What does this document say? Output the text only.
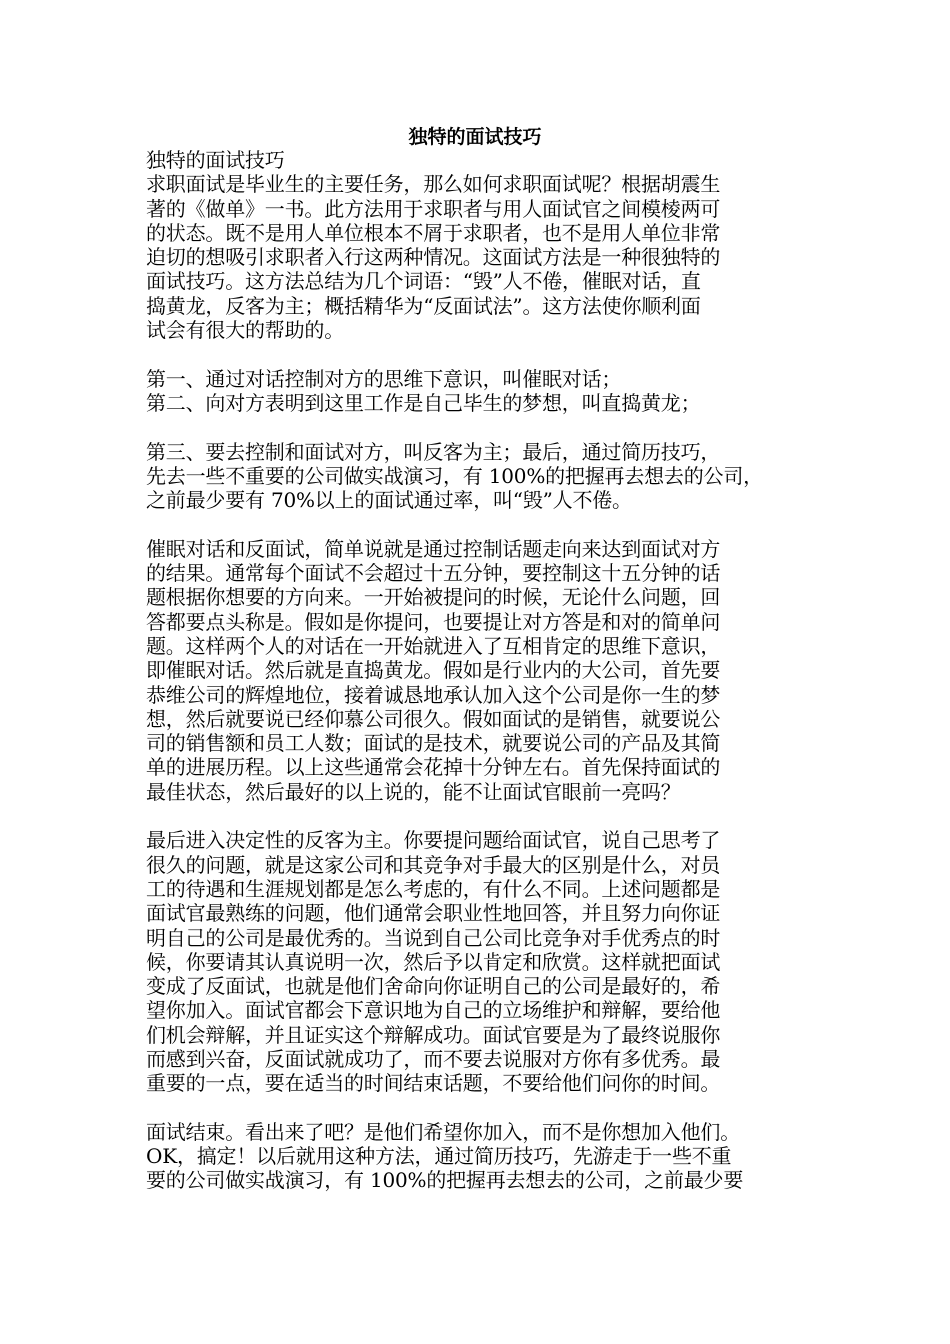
独特的面试技巧
独特的面试技巧
求职面试是毕业生的主要任务，那么如何求职面试呢？根据胡震生
著的《做单》一书。此方法用于求职者与用人面试官之间模棱两可
的状态。既不是用人单位根本不屑于求职者，也不是用人单位非常
迫切的想吸引求职者入行这两种情况。这面试方法是一种很独特的
面试技巧。这方法总结为几个词语：“毁”人不倦，催眠对话，直
捣黄龙，反客为主；概括精华为“反面试法”。这方法使你顺利面
试会有很大的帮助的。
第一、通过对话控制对方的思维下意识，叫催眠对话；
第二、向对方表明到这里工作是自己毕生的梦想，叫直捣黄龙；
第三、要去控制和面试对方，叫反客为主；最后，通过简历技巧，
先去一些不重要的公司做实战演习，有 100%的把握再去想去的公司，
之前最少要有 70%以上的面试通过率，叫“毁”人不倦。
催眠对话和反面试，简单说就是通过控制话题走向来达到面试对方
的结果。通常每个面试不会超过十五分钟，要控制这十五分钟的话
题根据你想要的方向来。一开始被提问的时候，无论什么问题，回
答都要点头称是。假如是你提问，也要提让对方答是和对的简单问
题。这样两个人的对话在一开始就进入了互相肯定的思维下意识，
即催眠对话。然后就是直捣黄龙。假如是行业内的大公司，首先要
恭维公司的辉煌地位，接着诚恳地承认加入这个公司是你一生的梦
想，然后就要说已经仰慕公司很久。假如面试的是销售，就要说公
司的销售额和员工人数；面试的是技术，就要说公司的产品及其简
单的进展历程。以上这些通常会花掉十分钟左右。首先保持面试的
最佳状态，然后最好的以上说的，能不让面试官眼前一亮吗？
最后进入决定性的反客为主。你要提问题给面试官，说自己思考了
很久的问题，就是这家公司和其竞争对手最大的区别是什么，对员
工的待遇和生涯规划都是怎么考虑的，有什么不同。上述问题都是
面试官最熟练的问题，他们通常会职业性地回答，并且努力向你证
明自己的公司是最优秀的。当说到自己公司比竞争对手优秀点的时
候，你要请其认真说明一次，然后予以肯定和欣赏。这样就把面试
变成了反面试，也就是他们舍命向你证明自己的公司是最好的，希
望你加入。面试官都会下意识地为自己的立场维护和辩解，要给他
们机会辩解，并且证实这个辩解成功。面试官要是为了最终说服你
而感到兴奋，反面试就成功了，而不要去说服对方你有多优秀。最
重要的一点，要在适当的时间结束话题，不要给他们问你的时间。
面试结束。看出来了吧？是他们希望你加入，而不是你想加入他们。
OK，搞定！以后就用这种方法，通过简历技巧，先游走于一些不重
要的公司做实战演习，有 100%的把握再去想去的公司，之前最少要
